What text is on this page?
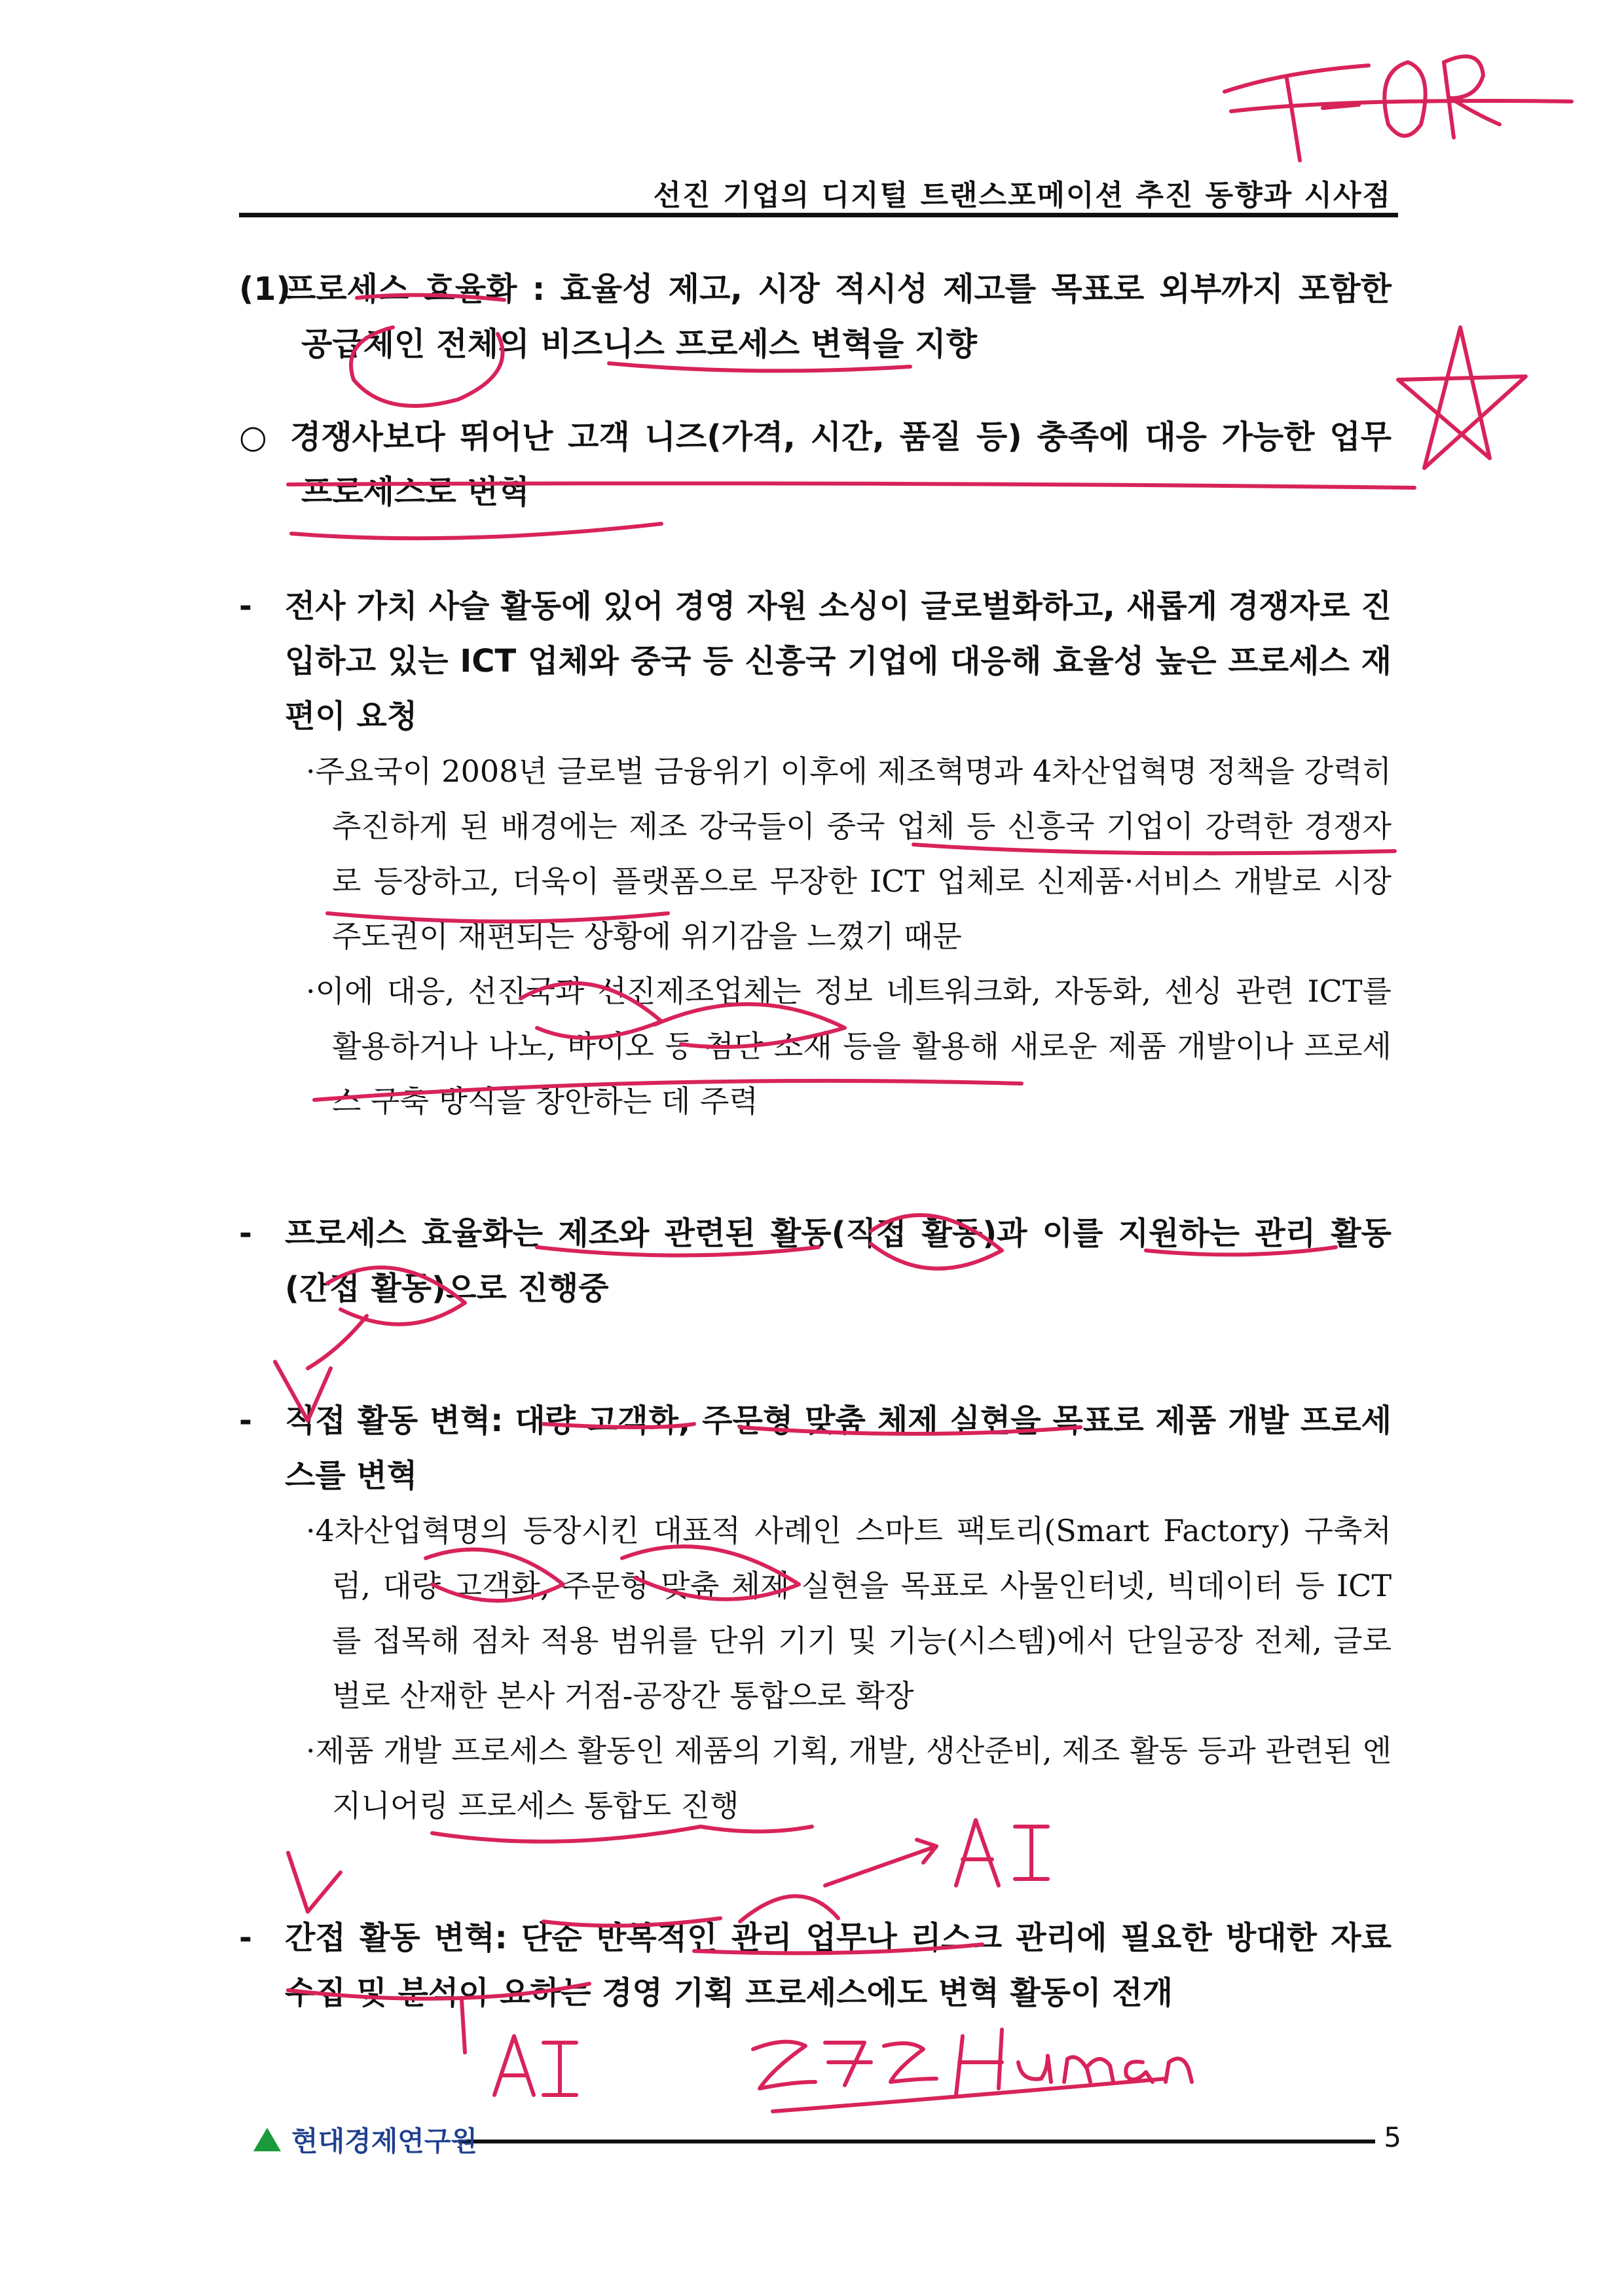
선진 기업의 디지털 트랜스포메이션 추진 동향과 시사점
(1)프로세스 효율화 : 효율성 제고, 시장 적시성 제고를 목표로 외부까지 포함한 공급체인 전체의 비즈니스 프로세스 변혁을 지향
○ 경쟁사보다 뛰어난 고객 니즈(가격, 시간, 품질 등) 충족에 대응 가능한 업무 프로세스로 변혁
- 전사 가치 사슬 활동에 있어 경영 자원 소싱이 글로벌화하고, 새롭게 경쟁자로 진입하고 있는 ICT 업체와 중국 등 신흥국 기업에 대응해 효율성 높은 프로세스 재편이 요청
·주요국이 2008년 글로벌 금융위기 이후에 제조혁명과 4차산업혁명 정책을 강력히 추진하게 된 배경에는 제조 강국들이 중국 업체 등 신흥국 기업이 강력한 경쟁자로 등장하고, 더욱이 플랫폼으로 무장한 ICT 업체로 신제품·서비스 개발로 시장 주도권이 재편되는 상황에 위기감을 느꼈기 때문
·이에 대응, 선진국과 선진제조업체는 정보 네트워크화, 자동화, 센싱 관련 ICT를 활용하거나 나노, 바이오 등 첨단 소재 등을 활용해 새로운 제품 개발이나 프로세스 구축 방식을 창안하는 데 주력
- 프로세스 효율화는 제조와 관련된 활동(직접 활동)과 이를 지원하는 관리 활동(간접 활동)으로 진행중
- 직접 활동 변혁: 대량 고객화, 주문형 맞춤 체제 실현을 목표로 제품 개발 프로세스를 변혁
·4차산업혁명의 등장시킨 대표적 사례인 스마트 팩토리(Smart Factory) 구축처럼, 대량 고객화, 주문형 맞춤 체제 실현을 목표로 사물인터넷, 빅데이터 등 ICT를 접목해 점차 적용 범위를 단위 기기 및 기능(시스템)에서 단일공장 전체, 글로벌로 산재한 본사 거점-공장간 통합으로 확장
·제품 개발 프로세스 활동인 제품의 기획, 개발, 생산준비, 제조 활동 등과 관련된 엔지니어링 프로세스 통합도 진행
- 간접 활동 변혁: 단순 반복적인 관리 업무나 리스크 관리에 필요한 방대한 자료 수집 및 분석이 요하는 경영 기획 프로세스에도 변혁 활동이 전개
현대경제연구원	5
